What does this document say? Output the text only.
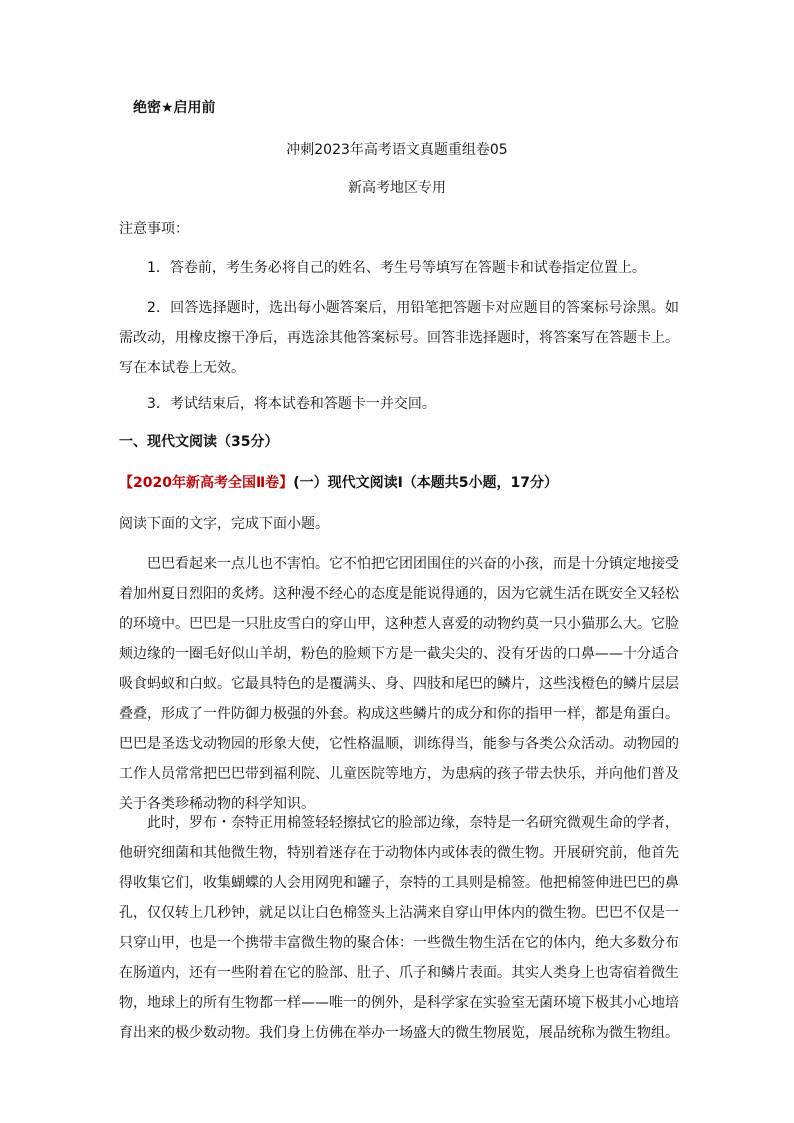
绝密★启用前
冲刺2023年高考语文真题重组卷05
新高考地区专用
注意事项：
1．答卷前，考生务必将自己的姓名、考生号等填写在答题卡和试卷指定位置上。
2．回答选择题时，选出每小题答案后，用铅笔把答题卡对应题目的答案标号涂黑。如需改动，用橡皮擦干净后，再选涂其他答案标号。回答非选择题时，将答案写在答题卡上。写在本试卷上无效。
3．考试结束后，将本试卷和答题卡一并交回。
一、现代文阅读（35分）
【2020年新高考全国Ⅱ卷】(一）现代文阅读Ⅰ（本题共5小题，17分）
阅读下面的文字，完成下面小题。
巴巴看起来一点儿也不害怕。它不怕把它团团围住的兴奋的小孩，而是十分镇定地接受着加州夏日烈阳的炙烤。这种漫不经心的态度是能说得通的，因为它就生活在既安全又轻松的环境中。巴巴是一只肚皮雪白的穿山甲，这种惹人喜爱的动物约莫一只小猫那么大。它脸颊边缘的一圈毛好似山羊胡，粉色的脸颊下方是一截尖尖的、没有牙齿的口鼻——十分适合吸食蚂蚁和白蚁。它最具特色的是覆满头、身、四肢和尾巴的鳞片，这些浅橙色的鳞片层层叠叠，形成了一件防御力极强的外套。构成这些鳞片的成分和你的指甲一样，都是角蛋白。巴巴是圣迭戈动物园的形象大使，它性格温顺，训练得当，能参与各类公众活动。动物园的工作人员常常把巴巴带到福利院、儿童医院等地方，为患病的孩子带去快乐，并向他们普及关于各类珍稀动物的科学知识。
此时，罗布・奈特正用棉签轻轻擦拭它的脸部边缘，奈特是一名研究微观生命的学者，他研究细菌和其他微生物，特别着迷存在于动物体内或体表的微生物。开展研究前，他首先得收集它们，收集蝴蝶的人会用网兜和罐子，奈特的工具则是棉签。他把棉签伸进巴巴的鼻孔，仅仅转上几秒钟，就足以让白色棉签头上沾满来自穿山甲体内的微生物。巴巴不仅是一只穿山甲，也是一个携带丰富微生物的聚合体：一些微生物生活在它的体内，绝大多数分布在肠道内，还有一些附着在它的脸部、肚子、爪子和鳞片表面。其实人类身上也寄宿着微生物，地球上的所有生物都一样——唯一的例外，是科学家在实验室无菌环境下极其小心地培育出来的极少数动物。我们身上仿佛在举办一场盛大的微生物展览，展品统称为微生物组。
